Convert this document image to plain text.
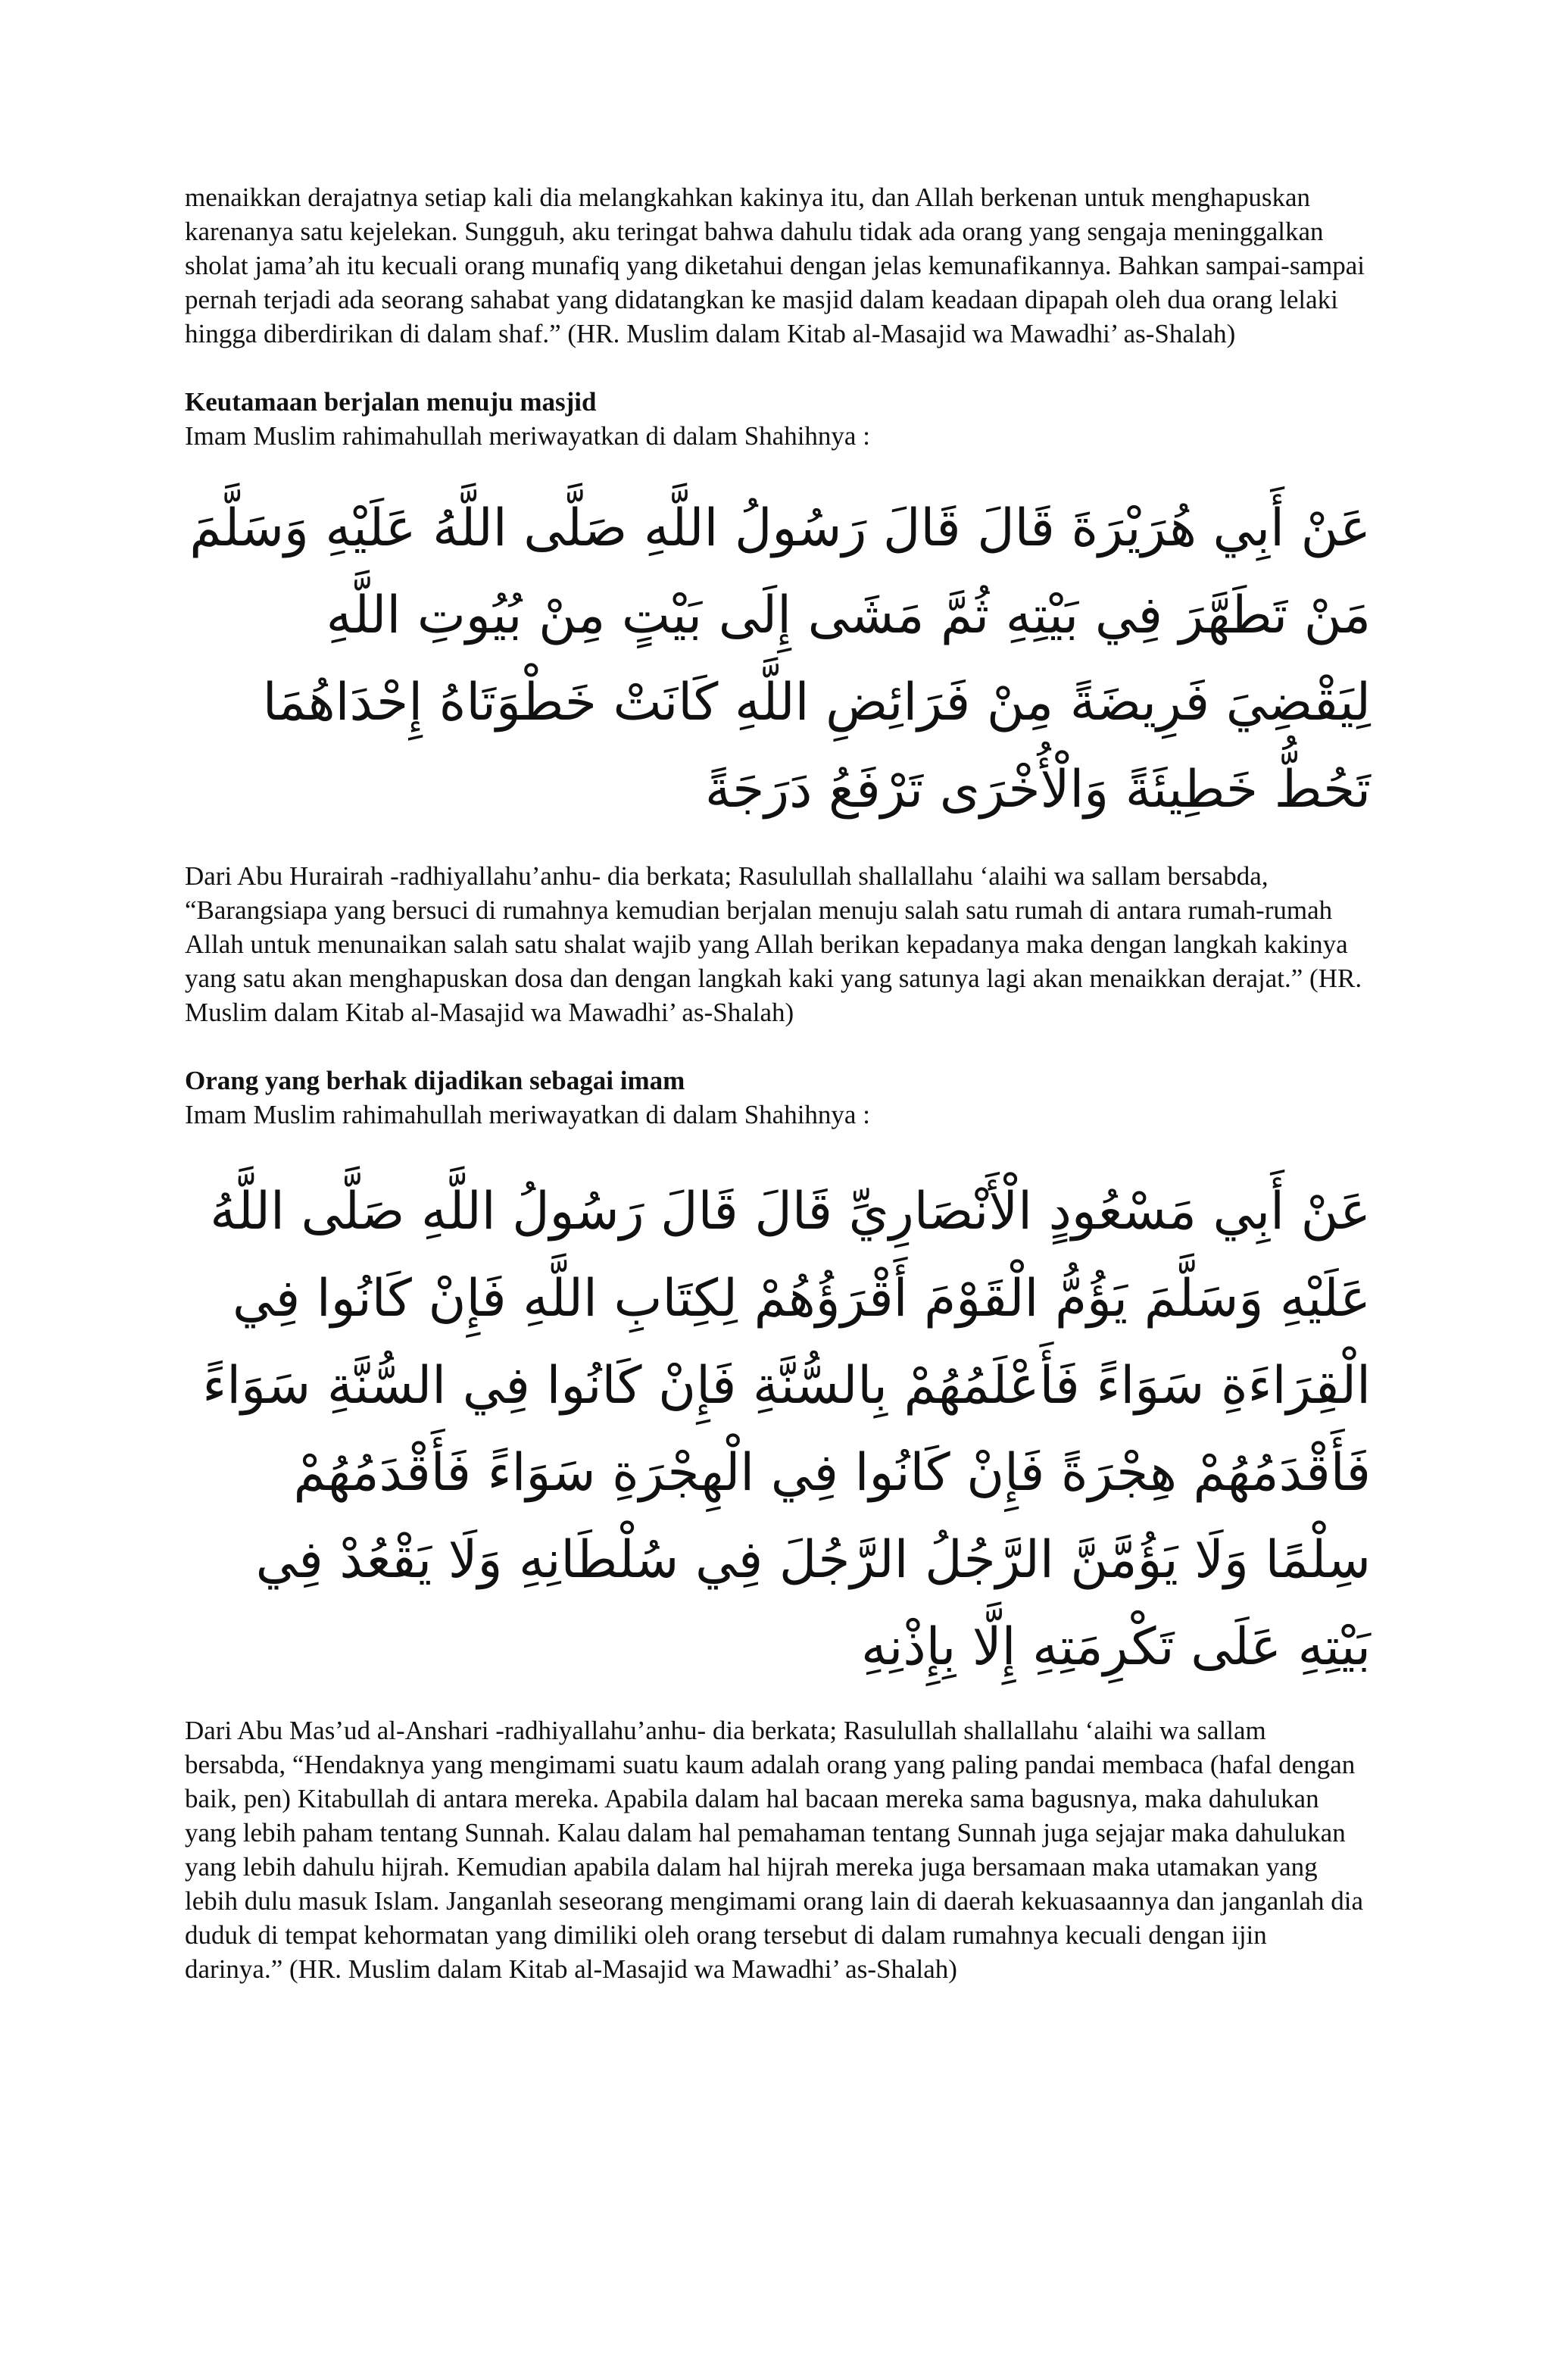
menaikkan derajatnya setiap kali dia melangkahkan kakinya itu, dan Allah berkenan untuk menghapuskan karenanya satu kejelekan. Sungguh, aku teringat bahwa dahulu tidak ada orang yang sengaja meninggalkan sholat jama’ah itu kecuali orang munafiq yang diketahui dengan jelas kemunafikannya. Bahkan sampai-sampai pernah terjadi ada seorang sahabat yang didatangkan ke masjid dalam keadaan dipapah oleh dua orang lelaki hingga diberdirikan di dalam shaf.” (HR. Muslim dalam Kitab al-Masajid wa Mawadhi’ as-Shalah)

Keutamaan berjalan menuju masjid

Imam Muslim rahimahullah meriwayatkan di dalam Shahihnya :

عَنْ أَبِي هُرَيْرَةَ قَالَ قَالَ رَسُولُ اللَّهِ صَلَّى اللَّهُ عَلَيْهِ وَسَلَّمَ مَنْ تَطَهَّرَ فِي بَيْتِهِ ثُمَّ مَشَى إِلَى بَيْتٍ مِنْ بُيُوتِ اللَّهِ لِيَقْضِيَ فَرِيضَةً مِنْ فَرَائِضِ اللَّهِ كَانَتْ خَطْوَتَاهُ إِحْدَاهُمَا تَحُطُّ خَطِيئَةً وَالْأُخْرَى تَرْفَعُ دَرَجَةً

Dari Abu Hurairah -radhiyallahu’anhu- dia berkata; Rasulullah shallallahu ‘alaihi wa sallam bersabda, “Barangsiapa yang bersuci di rumahnya kemudian berjalan menuju salah satu rumah di antara rumah-rumah Allah untuk menunaikan salah satu shalat wajib yang Allah berikan kepadanya maka dengan langkah kakinya yang satu akan menghapuskan dosa dan dengan langkah kaki yang satunya lagi akan menaikkan derajat.” (HR. Muslim dalam Kitab al-Masajid wa Mawadhi’ as-Shalah)

Orang yang berhak dijadikan sebagai imam

Imam Muslim rahimahullah meriwayatkan di dalam Shahihnya :

عَنْ أَبِي مَسْعُودٍ الْأَنْصَارِيِّ قَالَ قَالَ رَسُولُ اللَّهِ صَلَّى اللَّهُ عَلَيْهِ وَسَلَّمَ يَؤُمُّ الْقَوْمَ أَقْرَؤُهُمْ لِكِتَابِ اللَّهِ فَإِنْ كَانُوا فِي الْقِرَاءَةِ سَوَاءً فَأَعْلَمُهُمْ بِالسُّنَّةِ فَإِنْ كَانُوا فِي السُّنَّةِ سَوَاءً فَأَقْدَمُهُمْ هِجْرَةً فَإِنْ كَانُوا فِي الْهِجْرَةِ سَوَاءً فَأَقْدَمُهُمْ سِلْمًا وَلَا يَؤُمَّنَّ الرَّجُلُ الرَّجُلَ فِي سُلْطَانِهِ وَلَا يَقْعُدْ فِي بَيْتِهِ عَلَى تَكْرِمَتِهِ إِلَّا بِإِذْنِهِ

Dari Abu Mas’ud al-Anshari -radhiyallahu’anhu- dia berkata; Rasulullah shallallahu ‘alaihi wa sallam bersabda, “Hendaknya yang mengimami suatu kaum adalah orang yang paling pandai membaca (hafal dengan baik, pen) Kitabullah di antara mereka. Apabila dalam hal bacaan mereka sama bagusnya, maka dahulukan yang lebih paham tentang Sunnah. Kalau dalam hal pemahaman tentang Sunnah juga sejajar maka dahulukan yang lebih dahulu hijrah. Kemudian apabila dalam hal hijrah mereka juga bersamaan maka utamakan yang lebih dulu masuk Islam. Janganlah seseorang mengimami orang lain di daerah kekuasaannya dan janganlah dia duduk di tempat kehormatan yang dimiliki oleh orang tersebut di dalam rumahnya kecuali dengan ijin darinya.” (HR. Muslim dalam Kitab al-Masajid wa Mawadhi’ as-Shalah)
